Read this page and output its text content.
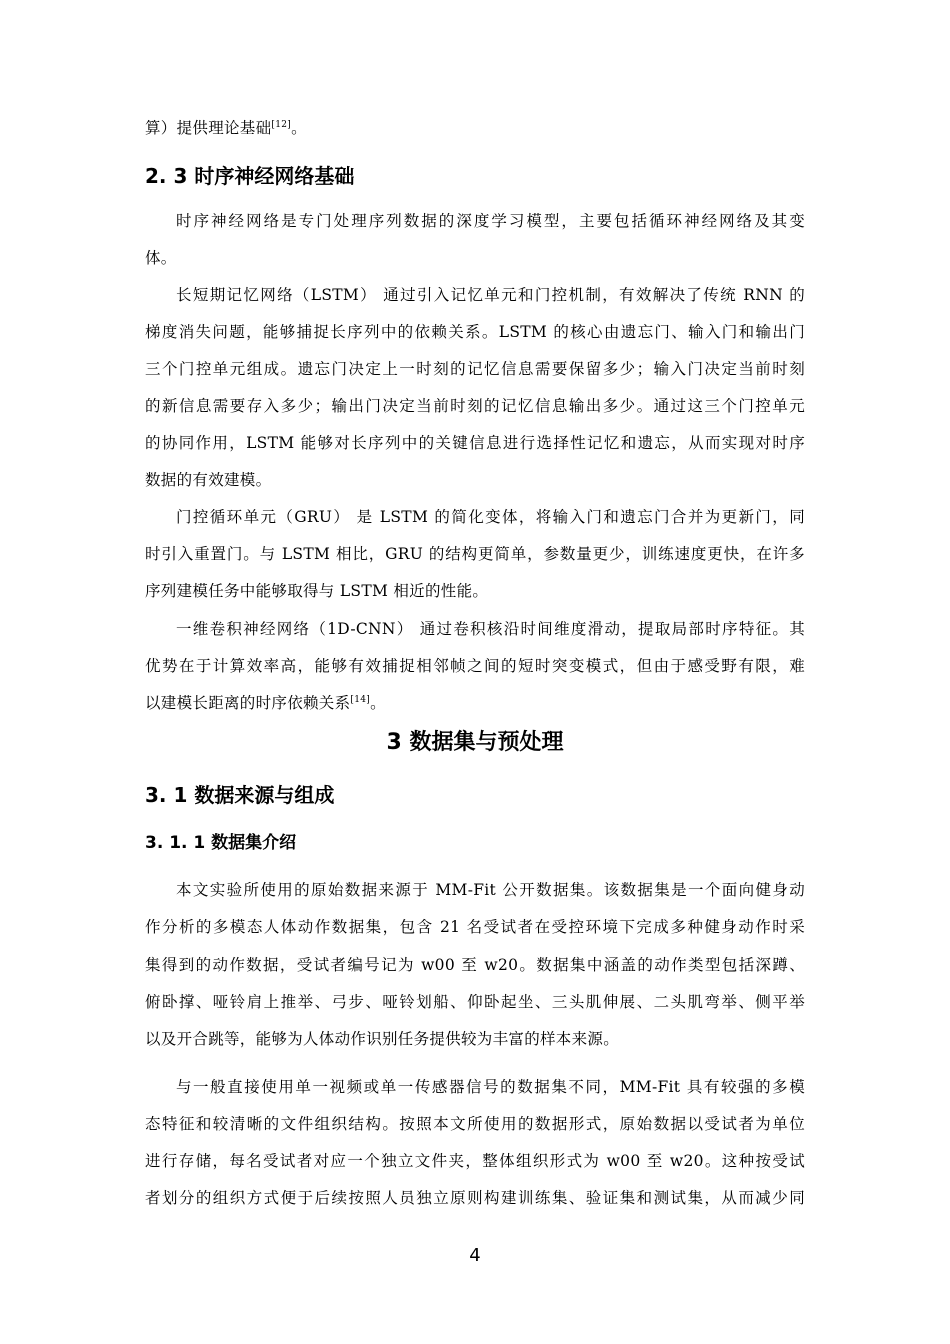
算）提供理论基础[12]。
2. 3 时序神经网络基础
时序神经网络是专门处理序列数据的深度学习模型，主要包括循环神经网络及其变
体。
长短期记忆网络（LSTM） 通过引入记忆单元和门控机制，有效解决了传统 RNN 的
梯度消失问题，能够捕捉长序列中的依赖关系。LSTM 的核心由遗忘门、输入门和输出门
三个门控单元组成。遗忘门决定上一时刻的记忆信息需要保留多少；输入门决定当前时刻
的新信息需要存入多少；输出门决定当前时刻的记忆信息输出多少。通过这三个门控单元
的协同作用，LSTM 能够对长序列中的关键信息进行选择性记忆和遗忘，从而实现对时序
数据的有效建模。
门控循环单元（GRU） 是 LSTM 的简化变体，将输入门和遗忘门合并为更新门，同
时引入重置门。与 LSTM 相比，GRU 的结构更简单，参数量更少，训练速度更快，在许多
序列建模任务中能够取得与 LSTM 相近的性能。
一维卷积神经网络（1D-CNN） 通过卷积核沿时间维度滑动，提取局部时序特征。其
优势在于计算效率高，能够有效捕捉相邻帧之间的短时突变模式，但由于感受野有限，难
以建模长距离的时序依赖关系[14]。
3 数据集与预处理
3. 1 数据来源与组成
3. 1. 1 数据集介绍
本文实验所使用的原始数据来源于 MM-Fit 公开数据集。该数据集是一个面向健身动
作分析的多模态人体动作数据集，包含 21 名受试者在受控环境下完成多种健身动作时采
集得到的动作数据，受试者编号记为 w00 至 w20。数据集中涵盖的动作类型包括深蹲、
俯卧撑、哑铃肩上推举、弓步、哑铃划船、仰卧起坐、三头肌伸展、二头肌弯举、侧平举
以及开合跳等，能够为人体动作识别任务提供较为丰富的样本来源。
与一般直接使用单一视频或单一传感器信号的数据集不同，MM-Fit 具有较强的多模
态特征和较清晰的文件组织结构。按照本文所使用的数据形式，原始数据以受试者为单位
进行存储，每名受试者对应一个独立文件夹，整体组织形式为 w00 至 w20。这种按受试
者划分的组织方式便于后续按照人员独立原则构建训练集、验证集和测试集，从而减少同
4
